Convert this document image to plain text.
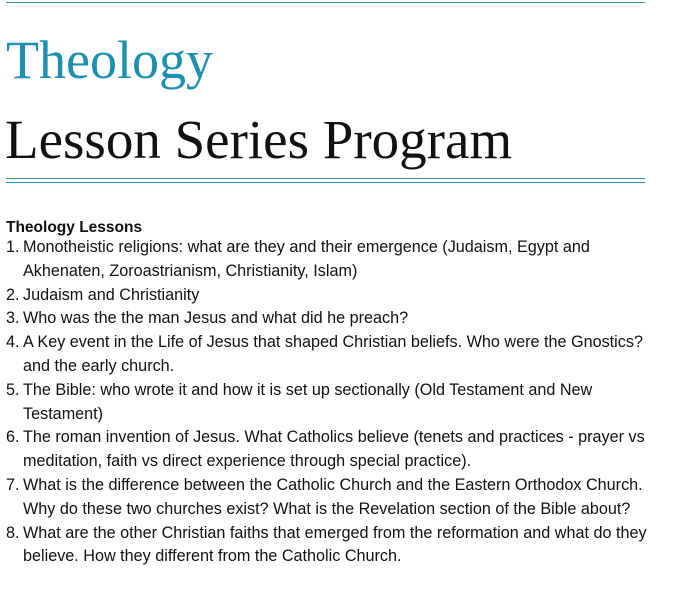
Theology
Lesson Series Program
Theology Lessons
1. Monotheistic religions: what are they and their emergence (Judaism, Egypt and Akhenaten, Zoroastrianism, Christianity, Islam)
2. Judaism and Christianity
3. Who was the the man Jesus and what did he preach?
4. A Key event in the Life of Jesus that shaped Christian beliefs. Who were the Gnostics? and the early church.
5. The Bible: who wrote it and how it is set up sectionally (Old Testament and New Testament)
6. The roman invention of Jesus. What Catholics believe (tenets and practices - prayer vs meditation, faith vs direct experience through special practice).
7. What is the difference between the Catholic Church and the Eastern Orthodox Church. Why do these two churches exist? What is the Revelation section of the Bible about?
8. What are the other Christian faiths that emerged from the reformation and what do they believe. How they different from the Catholic Church.
